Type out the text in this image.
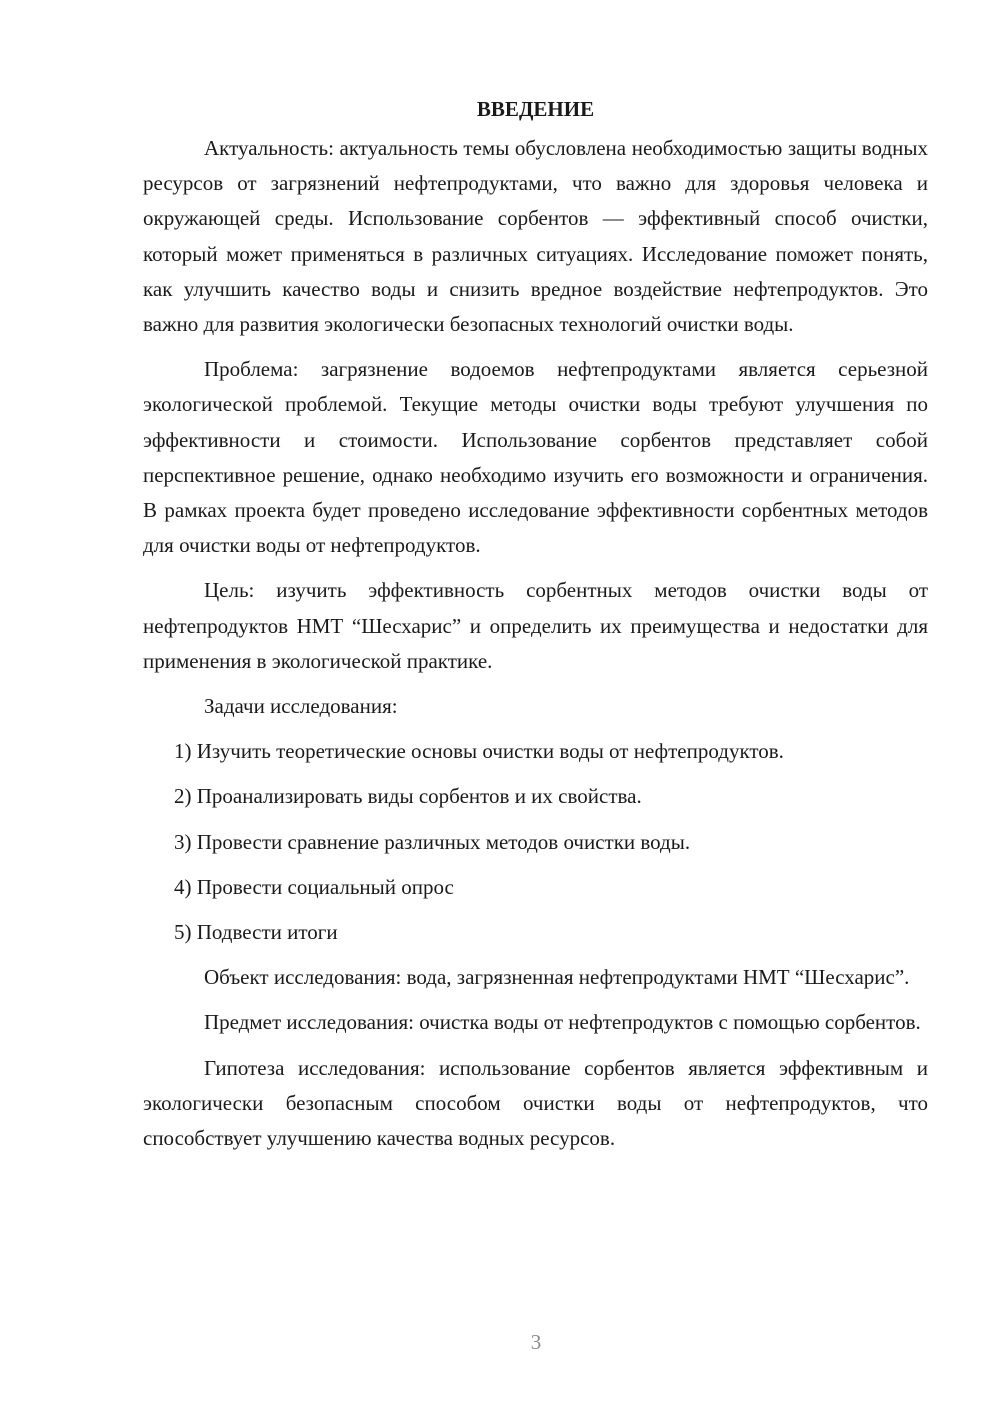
ВВЕДЕНИЕ

Актуальность: актуальность темы обусловлена необходимостью защиты водных ресурсов от загрязнений нефтепродуктами, что важно для здоровья человека и окружающей среды. Использование сорбентов — эффективный способ очистки, который может применяться в различных ситуациях. Исследование поможет понять, как улучшить качество воды и снизить вредное воздействие нефтепродуктов. Это важно для развития экологически безопасных технологий очистки воды.

Проблема: загрязнение водоемов нефтепродуктами является серьезной экологической проблемой. Текущие методы очистки воды требуют улучшения по эффективности и стоимости. Использование сорбентов представляет собой перспективное решение, однако необходимо изучить его возможности и ограничения. В рамках проекта будет проведено исследование эффективности сорбентных методов для очистки воды от нефтепродуктов.

Цель: изучить эффективность сорбентных методов очистки воды от нефтепродуктов НМТ “Шесхарис” и определить их преимущества и недостатки для применения в экологической практике.

Задачи исследования:

1) Изучить теоретические основы очистки воды от нефтепродуктов.
2) Проанализировать виды сорбентов и их свойства.
3) Провести сравнение различных методов очистки воды.
4) Провести социальный опрос
5) Подвести итоги

Объект исследования: вода, загрязненная нефтепродуктами НМТ “Шесхарис”.

Предмет исследования: очистка воды от нефтепродуктов с помощью сорбентов.

Гипотеза исследования: использование сорбентов является эффективным и экологически безопасным способом очистки воды от нефтепродуктов, что способствует улучшению качества водных ресурсов.

3
